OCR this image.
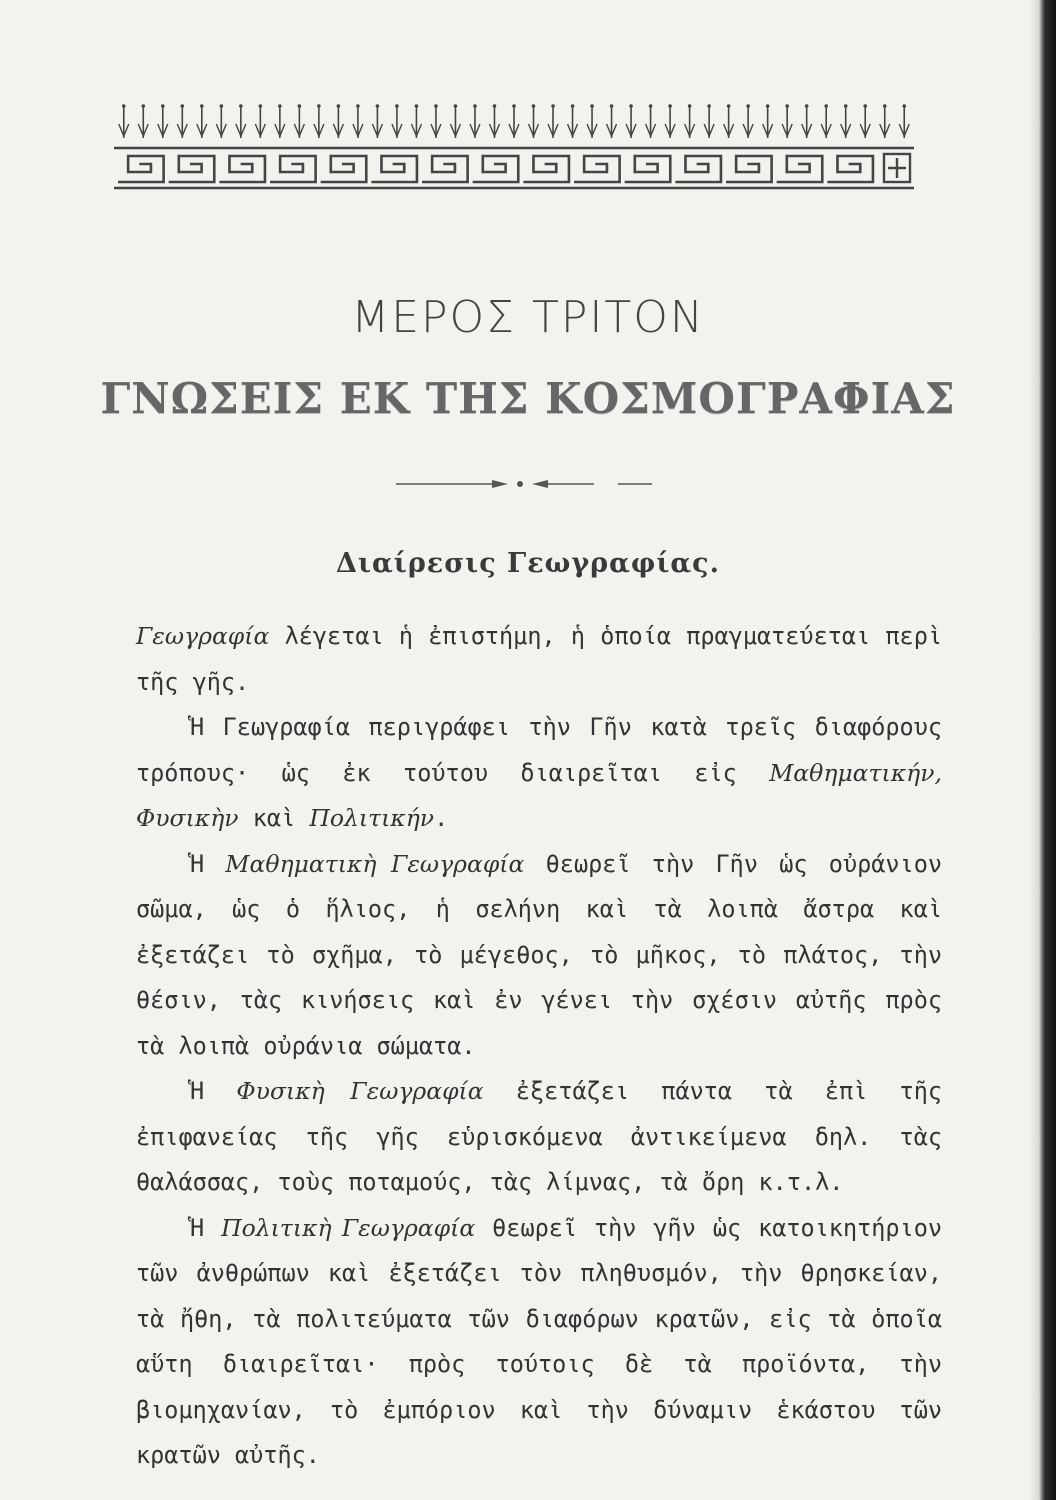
ΜΕΡΟΣ ΤΡΙΤΟΝ
ΓΝΩΣΕΙΣ ΕΚ ΤΗΣ ΚΟΣΜΟΓΡΑΦΙΑΣ
Διαίρεσις Γεωγραφίας.

Γεωγραφία λέγεται ἡ ἐπιστήμη, ἡ ὁποία πραγματεύεται περὶ τῆς γῆς.

Ἡ Γεωγραφία περιγράφει τὴν Γῆν κατὰ τρεῖς διαφόρους τρόπους· ὡς ἐκ τούτου διαιρεῖται εἰς Μαθηματικήν, Φυσικὴν καὶ Πολιτικήν.

Ἡ Μαθηματικὴ Γεωγραφία θεωρεῖ τὴν Γῆν ὡς οὐράνιον σῶμα, ὡς ὁ ἥλιος, ἡ σελήνη καὶ τὰ λοιπὰ ἄστρα καὶ ἐξετάζει τὸ σχῆμα, τὸ μέγεθος, τὸ μῆκος, τὸ πλάτος, τὴν θέσιν, τὰς κινήσεις καὶ ἐν γένει τὴν σχέσιν αὐτῆς πρὸς τὰ λοιπὰ οὐράνια σώματα.

Ἡ Φυσικὴ Γεωγραφία ἐξετάζει πάντα τὰ ἐπὶ τῆς ἐπιφανείας τῆς γῆς εὑρισκόμενα ἀντικείμενα δηλ. τὰς θαλάσσας, τοὺς ποταμούς, τὰς λίμνας, τὰ ὄρη κ.τ.λ.

Ἡ Πολιτικὴ Γεωγραφία θεωρεῖ τὴν γῆν ὡς κατοικητήριον τῶν ἀνθρώπων καὶ ἐξετάζει τὸν πληθυσμόν, τὴν θρησκείαν, τὰ ἤθη, τὰ πολιτεύματα τῶν διαφόρων κρατῶν, εἰς τὰ ὁποῖα αὕτη διαιρεῖται· πρὸς τούτοις δὲ τὰ προϊόντα, τὴν βιομηχανίαν, τὸ ἐμπόριον καὶ τὴν δύναμιν ἑκάστου τῶν κρατῶν αὐτῆς.
